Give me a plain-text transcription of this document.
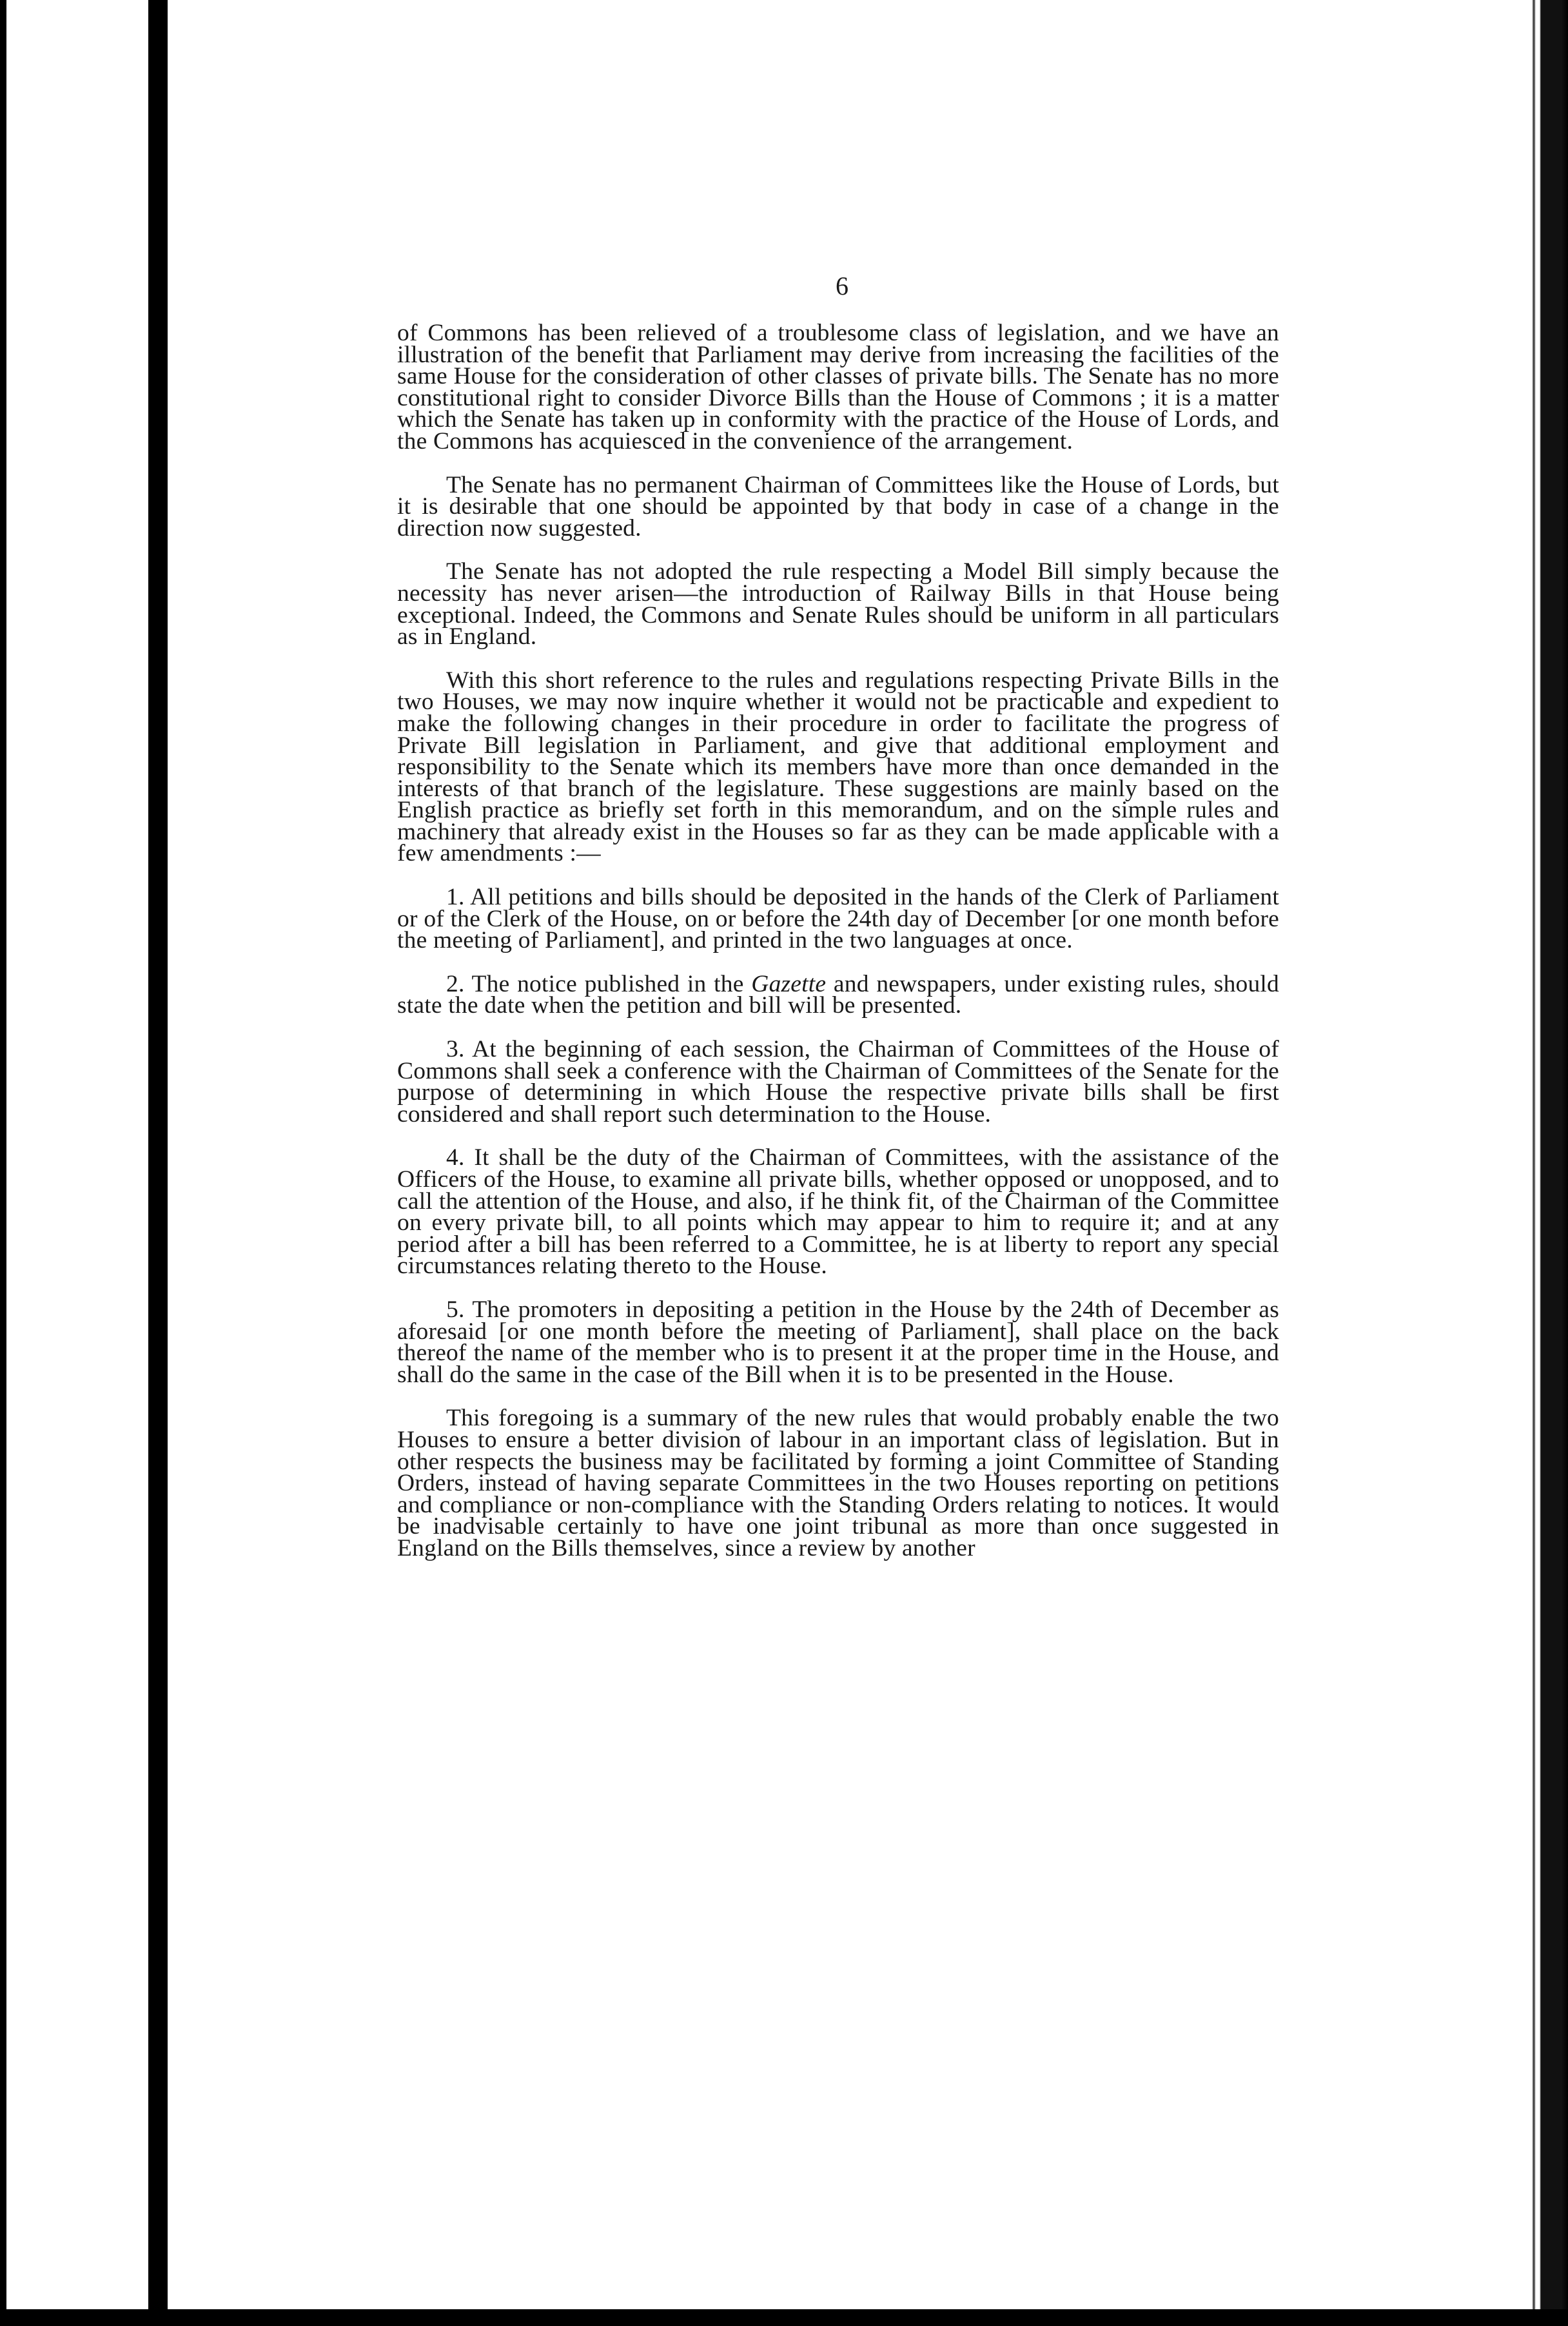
6

of Commons has been relieved of a troublesome class of legislation, and we have an illustration of the benefit that Parliament may derive from increasing the facilities of the same House for the consideration of other classes of private bills. The Senate has no more constitutional right to consider Divorce Bills than the House of Commons ; it is a matter which the Senate has taken up in conformity with the practice of the House of Lords, and the Commons has acquiesced in the convenience of the arrangement.

The Senate has no permanent Chairman of Committees like the House of Lords, but it is desirable that one should be appointed by that body in case of a change in the direction now suggested.

The Senate has not adopted the rule respecting a Model Bill simply because the necessity has never arisen—the introduction of Railway Bills in that House being exceptional. Indeed, the Commons and Senate Rules should be uniform in all particulars as in England.

With this short reference to the rules and regulations respecting Private Bills in the two Houses, we may now inquire whether it would not be practicable and expedient to make the following changes in their procedure in order to facilitate the progress of Private Bill legislation in Parliament, and give that additional employment and responsibility to the Senate which its members have more than once demanded in the interests of that branch of the legislature. These suggestions are mainly based on the English practice as briefly set forth in this memorandum, and on the simple rules and machinery that already exist in the Houses so far as they can be made applicable with a few amendments :—

1. All petitions and bills should be deposited in the hands of the Clerk of Parliament or of the Clerk of the House, on or before the 24th day of December [or one month before the meeting of Parliament], and printed in the two languages at once.

2. The notice published in the Gazette and newspapers, under existing rules, should state the date when the petition and bill will be presented.

3. At the beginning of each session, the Chairman of Committees of the House of Commons shall seek a conference with the Chairman of Committees of the Senate for the purpose of determining in which House the respective private bills shall be first considered and shall report such determination to the House.

4. It shall be the duty of the Chairman of Committees, with the assistance of the Officers of the House, to examine all private bills, whether opposed or unopposed, and to call the attention of the House, and also, if he think fit, of the Chairman of the Committee on every private bill, to all points which may appear to him to require it; and at any period after a bill has been referred to a Committee, he is at liberty to report any special circumstances relating thereto to the House.

5. The promoters in depositing a petition in the House by the 24th of December as aforesaid [or one month before the meeting of Parliament], shall place on the back thereof the name of the member who is to present it at the proper time in the House, and shall do the same in the case of the Bill when it is to be presented in the House.

This foregoing is a summary of the new rules that would probably enable the two Houses to ensure a better division of labour in an important class of legislation. But in other respects the business may be facilitated by forming a joint Committee of Standing Orders, instead of having separate Committees in the two Houses reporting on petitions and compliance or non-compliance with the Standing Orders relating to notices. It would be inadvisable certainly to have one joint tribunal as more than once suggested in England on the Bills themselves, since a review by another
